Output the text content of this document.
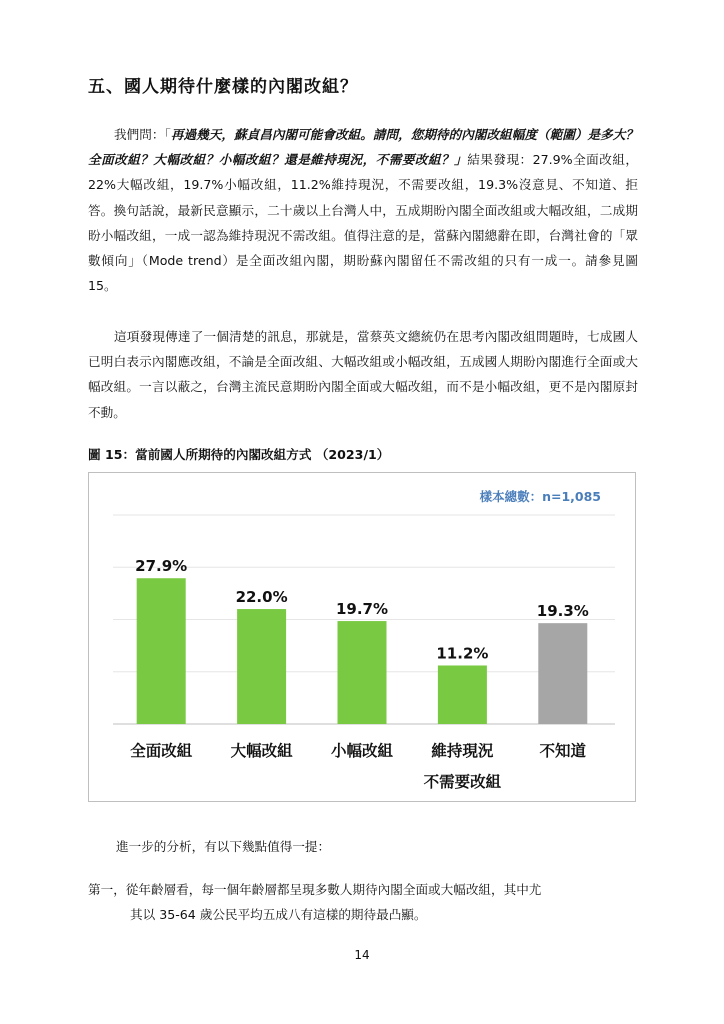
五、國人期待什麼樣的內閣改組？

我們問：「再過幾天，蘇貞昌內閣可能會改組。請問，您期待的內閣改組幅度（範圍）是多大？全面改組？大幅改組？小幅改組？還是維持現況，不需要改組？」結果發現：27.9%全面改組，22%大幅改組，19.7%小幅改組，11.2%維持現況，不需要改組，19.3%沒意見、不知道、拒答。換句話說，最新民意顯示，二十歲以上台灣人中，五成期盼內閣全面改組或大幅改組，二成期盼小幅改組，一成一認為維持現況不需改組。值得注意的是，當蘇內閣總辭在即，台灣社會的「眾數傾向」（Mode trend）是全面改組內閣，期盼蘇內閣留任不需改組的只有一成一。請參見圖 15。

這項發現傳達了一個清楚的訊息，那就是，當蔡英文總統仍在思考內閣改組問題時，七成國人已明白表示內閣應改組，不論是全面改組、大幅改組或小幅改組，五成國人期盼內閣進行全面或大幅改組。一言以蔽之，台灣主流民意期盼內閣全面或大幅改組，而不是小幅改組，更不是內閣原封不動。

圖 15：當前國人所期待的內閣改組方式 （2023/1）
樣本總數：n=1,085
27.9%
全面改組
22.0%
大幅改組
19.7%
小幅改組
11.2%
維持現況
不需要改組
19.3%
不知道

進一步的分析，有以下幾點值得一提：

第一，從年齡層看，每一個年齡層都呈現多數人期待內閣全面或大幅改組，其中尤
其以 35-64 歲公民平均五成八有這樣的期待最凸顯。

14
